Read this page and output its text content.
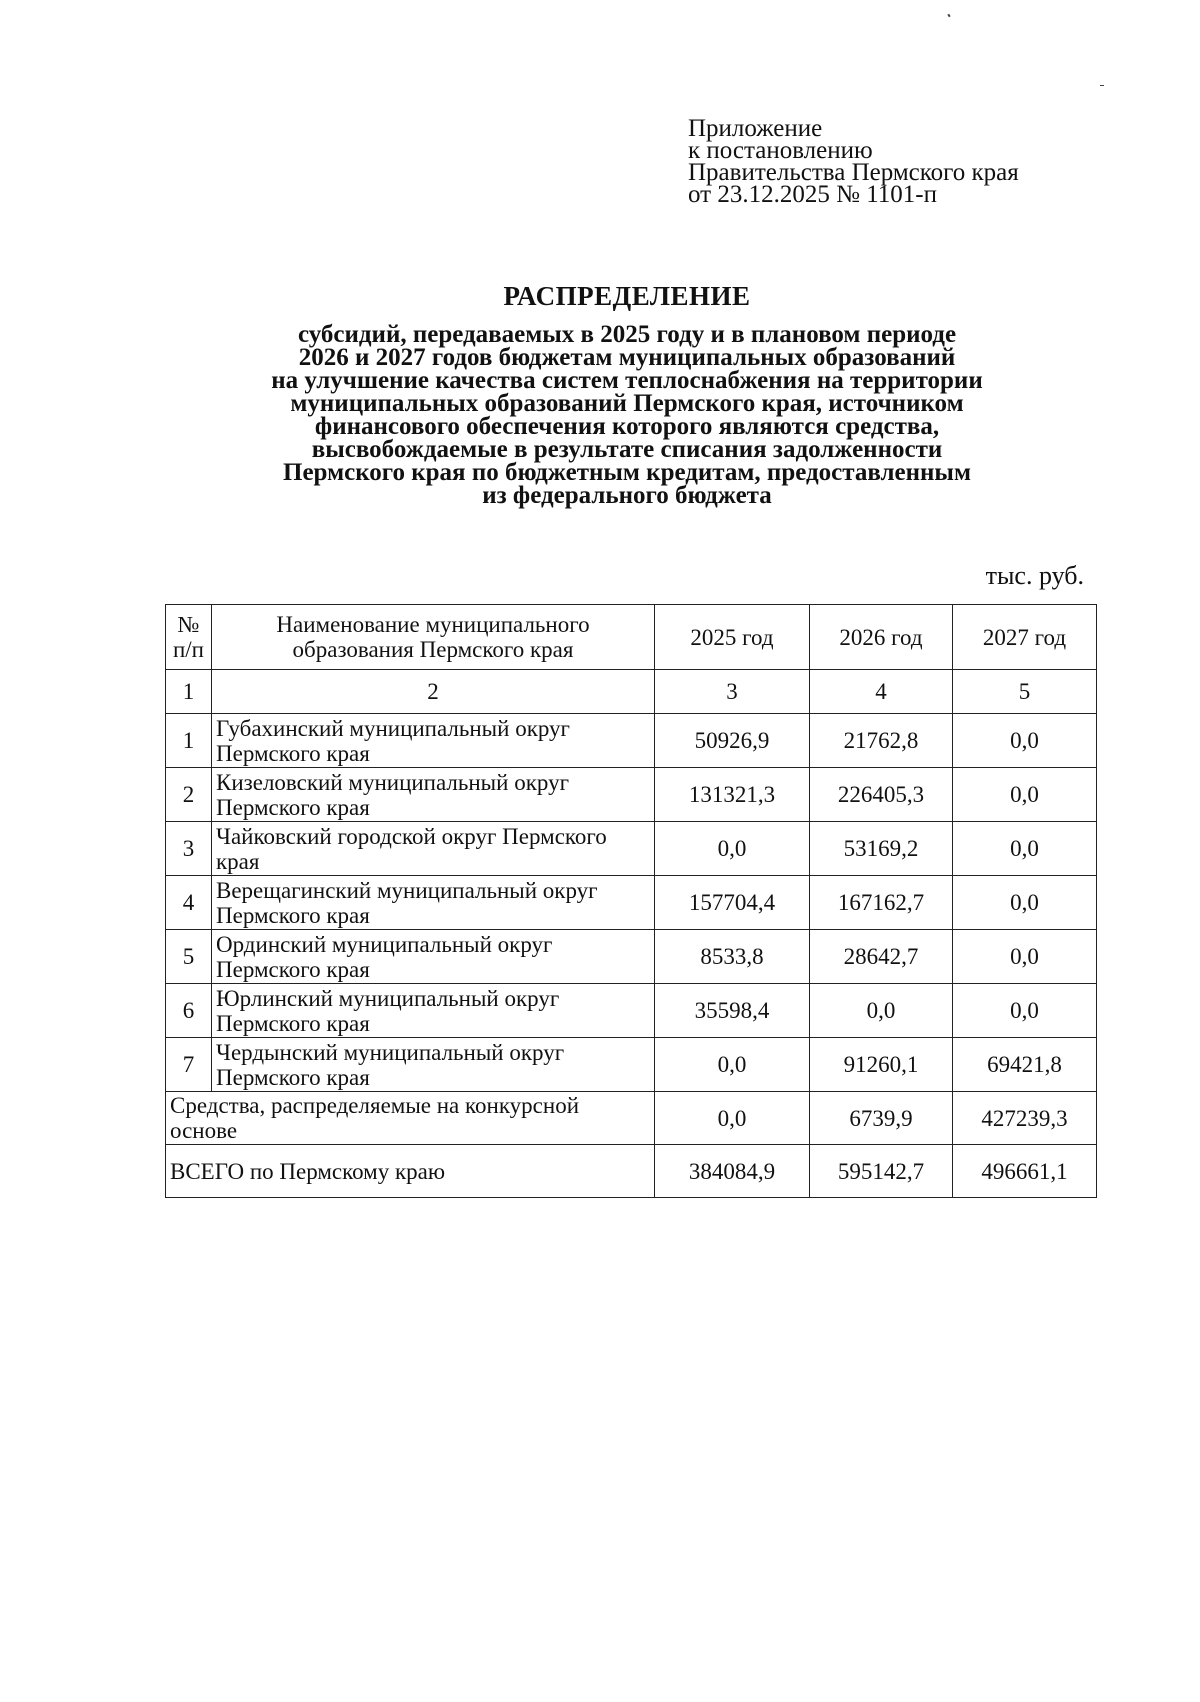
Приложение
к постановлению
Правительства Пермского края
от 23.12.2025 № 1101-п
РАСПРЕДЕЛЕНИЕ
субсидий, передаваемых в 2025 году и в плановом периоде
2026 и 2027 годов бюджетам муниципальных образований
на улучшение качества систем теплоснабжения на территории
муниципальных образований Пермского края, источником
финансового обеспечения которого являются средства,
высвобождаемые в результате списания задолженности
Пермского края по бюджетным кредитам, предоставленным
из федерального бюджета
тыс. руб.
№ п/п	Наименование муниципального образования Пермского края	2025 год	2026 год	2027 год
1	2	3	4	5
1	Губахинский муниципальный округ Пермского края	50926,9	21762,8	0,0
2	Кизеловский муниципальный округ Пермского края	131321,3	226405,3	0,0
3	Чайковский городской округ Пермского края	0,0	53169,2	0,0
4	Верещагинский муниципальный округ Пермского края	157704,4	167162,7	0,0
5	Ординский муниципальный округ Пермского края	8533,8	28642,7	0,0
6	Юрлинский муниципальный округ Пермского края	35598,4	0,0	0,0
7	Чердынский муниципальный округ Пермского края	0,0	91260,1	69421,8
Средства, распределяемые на конкурсной основе		0,0	6739,9	427239,3
ВСЕГО по Пермскому краю		384084,9	595142,7	496661,1
